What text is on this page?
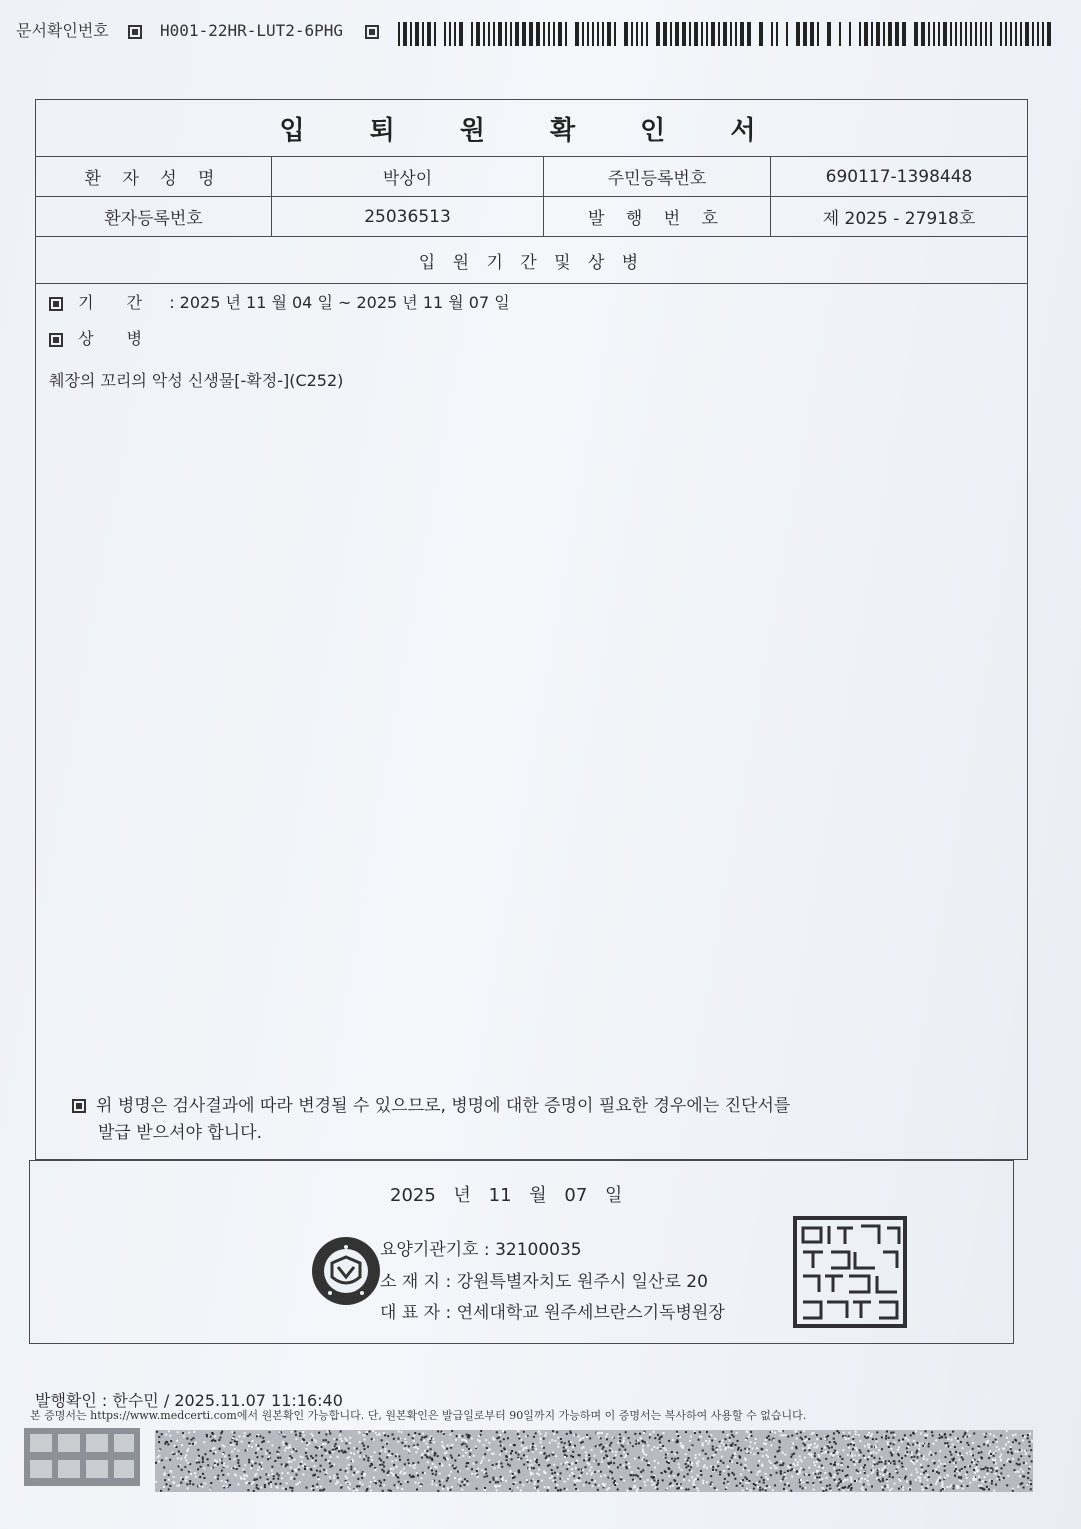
문서확인번호	H001-22HR-LUT2-6PHG
입 퇴 원 확 인 서
환 자 성 명	박상이	주민등록번호	690117-1398448
환자등록번호	25036513	발 행 번 호	제 2025 - 27918호
입 원 기 간 및 상 병
기 간 : 2025 년 11 월 04 일 ~ 2025 년 11 월 07 일
상 병
췌장의 꼬리의 악성 신생물[-확정-](C252)
위 병명은 검사결과에 따라 변경될 수 있으므로, 병명에 대한 증명이 필요한 경우에는 진단서를
발급 받으셔야 합니다.
2025 년 11 월 07 일
요양기관기호 : 32100035
소 재 지 : 강원특별자치도 원주시 일산로 20
대 표 자 : 연세대학교 원주세브란스기독병원장
발행확인 : 한수민 / 2025.11.07 11:16:40
본 증명서는 https://www.medcerti.com에서 원본확인 가능합니다. 단, 원본확인은 발급일로부터 90일까지 가능하며 이 증명서는 복사하여 사용할 수 없습니다.
